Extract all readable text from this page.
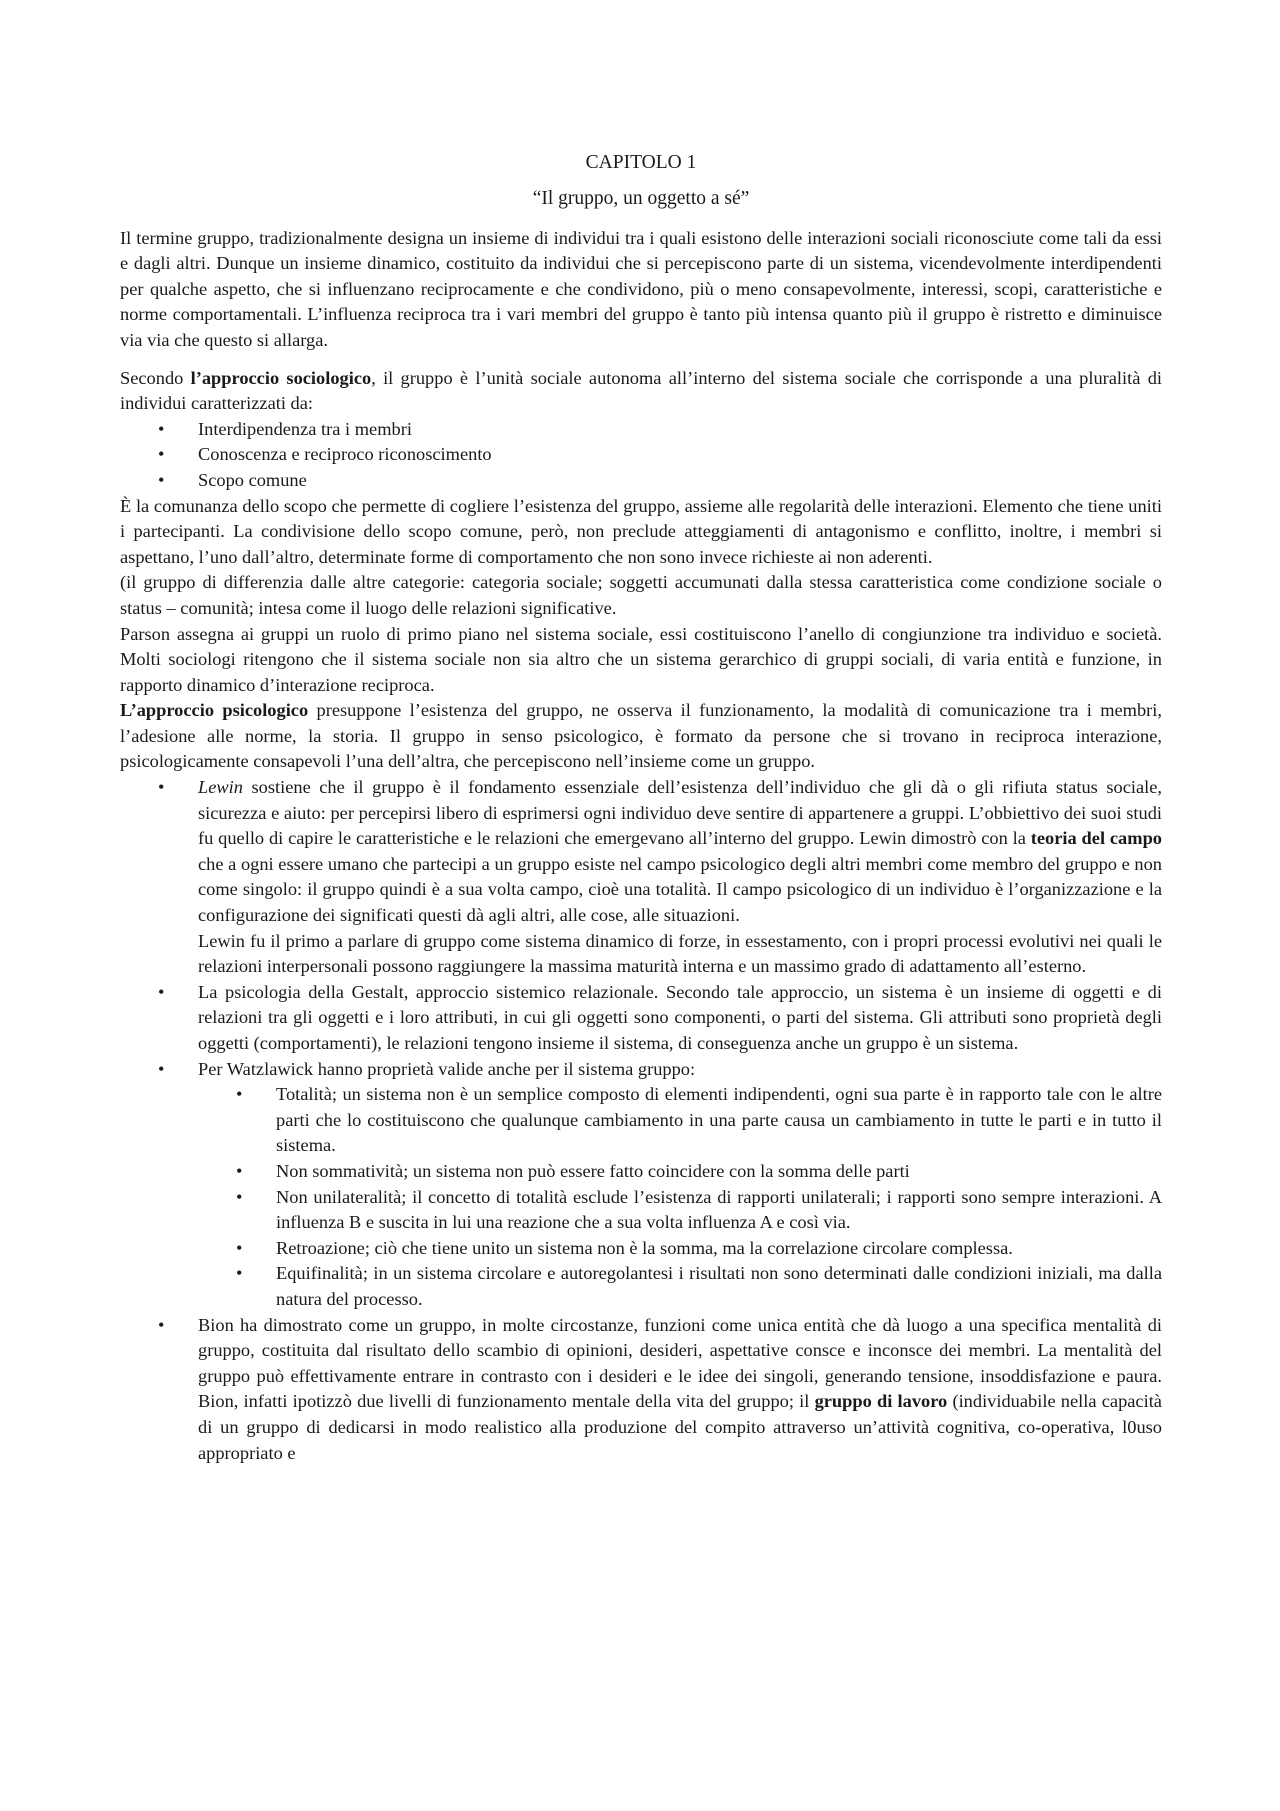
CAPITOLO 1
“Il gruppo, un oggetto a sé”

Il termine gruppo, tradizionalmente designa un insieme di individui tra i quali esistono delle interazioni sociali riconosciute come tali da essi e dagli altri. Dunque un insieme dinamico, costituito da individui che si percepiscono parte di un sistema, vicendevolmente interdipendenti per qualche aspetto, che si influenzano reciprocamente e che condividono, più o meno consapevolmente, interessi, scopi, caratteristiche e norme comportamentali. L’influenza reciproca tra i vari membri del gruppo è tanto più intensa quanto più il gruppo è ristretto e diminuisce via via che questo si allarga.

Secondo l’approccio sociologico, il gruppo è l’unità sociale autonoma all’interno del sistema sociale che corrisponde a una pluralità di individui caratterizzati da:

• Interdipendenza tra i membri
• Conoscenza e reciproco riconoscimento
• Scopo comune

È la comunanza dello scopo che permette di cogliere l’esistenza del gruppo, assieme alle regolarità delle interazioni. Elemento che tiene uniti i partecipanti. La condivisione dello scopo comune, però, non preclude atteggiamenti di antagonismo e conflitto, inoltre, i membri si aspettano, l’uno dall’altro, determinate forme di comportamento che non sono invece richieste ai non aderenti.

(il gruppo di differenzia dalle altre categorie: categoria sociale; soggetti accumunati dalla stessa caratteristica come condizione sociale o status – comunità; intesa come il luogo delle relazioni significative.

Parson assegna ai gruppi un ruolo di primo piano nel sistema sociale, essi costituiscono l’anello di congiunzione tra individuo e società. Molti sociologi ritengono che il sistema sociale non sia altro che un sistema gerarchico di gruppi sociali, di varia entità e funzione, in rapporto dinamico d’interazione reciproca.

L’approccio psicologico presuppone l’esistenza del gruppo, ne osserva il funzionamento, la modalità di comunicazione tra i membri, l’adesione alle norme, la storia. Il gruppo in senso psicologico, è formato da persone che si trovano in reciproca interazione, psicologicamente consapevoli l’una dell’altra, che percepiscono nell’insieme come un gruppo.

• Lewin sostiene che il gruppo è il fondamento essenziale dell’esistenza dell’individuo che gli dà o gli rifiuta status sociale, sicurezza e aiuto: per percepirsi libero di esprimersi ogni individuo deve sentire di appartenere a gruppi. L’obbiettivo dei suoi studi fu quello di capire le caratteristiche e le relazioni che emergevano all’interno del gruppo. Lewin dimostrò con la teoria del campo che a ogni essere umano che partecipi a un gruppo esiste nel campo psicologico degli altri membri come membro del gruppo e non come singolo: il gruppo quindi è a sua volta campo, cioè una totalità. Il campo psicologico di un individuo è l’organizzazione e la configurazione dei significati questi dà agli altri, alle cose, alle situazioni.
Lewin fu il primo a parlare di gruppo come sistema dinamico di forze, in essestamento, con i propri processi evolutivi nei quali le relazioni interpersonali possono raggiungere la massima maturità interna e un massimo grado di adattamento all’esterno.
• La psicologia della Gestalt, approccio sistemico relazionale. Secondo tale approccio, un sistema è un insieme di oggetti e di relazioni tra gli oggetti e i loro attributi, in cui gli oggetti sono componenti, o parti del sistema. Gli attributi sono proprietà degli oggetti (comportamenti), le relazioni tengono insieme il sistema, di conseguenza anche un gruppo è un sistema.
• Per Watzlawick hanno proprietà valide anche per il sistema gruppo:
• Totalità; un sistema non è un semplice composto di elementi indipendenti, ogni sua parte è in rapporto tale con le altre parti che lo costituiscono che qualunque cambiamento in una parte causa un cambiamento in tutte le parti e in tutto il sistema.
• Non sommatività; un sistema non può essere fatto coincidere con la somma delle parti
• Non unilateralità; il concetto di totalità esclude l’esistenza di rapporti unilaterali; i rapporti sono sempre interazioni. A influenza B e suscita in lui una reazione che a sua volta influenza A e così via.
• Retroazione; ciò che tiene unito un sistema non è la somma, ma la correlazione circolare complessa.
• Equifinalità; in un sistema circolare e autoregolantesi i risultati non sono determinati dalle condizioni iniziali, ma dalla natura del processo.
• Bion ha dimostrato come un gruppo, in molte circostanze, funzioni come unica entità che dà luogo a una specifica mentalità di gruppo, costituita dal risultato dello scambio di opinioni, desideri, aspettative consce e inconsce dei membri. La mentalità del gruppo può effettivamente entrare in contrasto con i desideri e le idee dei singoli, generando tensione, insoddisfazione e paura. Bion, infatti ipotizzò due livelli di funzionamento mentale della vita del gruppo; il gruppo di lavoro (individuabile nella capacità di un gruppo di dedicarsi in modo realistico alla produzione del compito attraverso un’attività cognitiva, co-operativa, l0uso appropriato e
